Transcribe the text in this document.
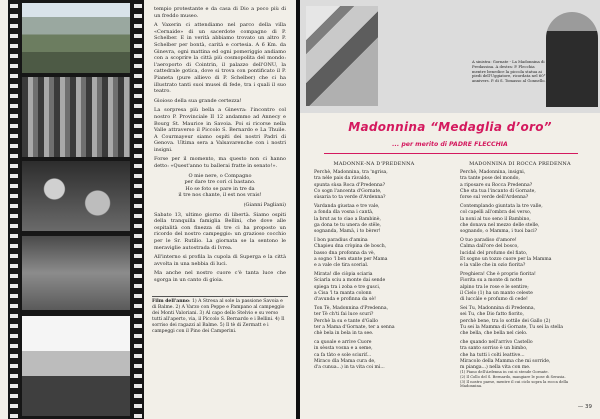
tempio protestante e da casa di Dio a poco più di un freddo museo.

A Vaxerin ci attendiamo nel parco della villa «Cernaide» di un sacerdote compagno di P. Schelber. E in verità abbiamo trovato un altro P. Schelber per bontà, carità e cortesia. A 6 Km. da Ginevra, ogni mattina ed ogni pomeriggio andiamo con a scoprire la città più cosmopolita del mondo: l'aeroporto di Cointrin, il palazzo dell'ONU, la cattedrale gotica, dove si trova con pontificato il P. Pianeta (pure allievo di P. Schelber) che ci ha illustrato tanti suoi musei di fede, tra i quali il suo teatro.

Gioioso della sua grande certezza!

La sorpresa più bella a Ginevra: l'incontro col nostro P. Provinciale II 12 andammo ad Annecy e Bourg St. Maurice in Savoia. Poi si ricorse nella Valle attraverso il Piccolo S. Bernardo e La Thuile. A Courmayeur siamo ospiti dei nostri Padri di Genova. Ultima sera a Valsavarenche con i nostri insigni.

Forse per il momento, ma questo non ci hanno detto: «Quest'anno tu ballerai fratte in senato!».

O mie nere, o Compagno
per dare tre cori ci bastano.
Ho se foto se pare in tre da
il tre nos chante, il est nos vrais!

(Gianni Pagliani)

Sabato 13, ultimo giorno di libertà. Siamo ospiti della tranquilla famiglia Bellini, che dove alle ospitalità con finezza di tre ci ha proposto un ricordo del nostro campeggio: un grazioso cocchio per le Sr. Rutilio. La giornata se la sentono le meraviglie autostrada di Ivrea.

All'interno si profila la cupola di Superga e la città avvolta in una nebbia di luci.

Ma anche nel nostro cuore c'è tanta luce che sgorga in un canto di gioia.

Film dell'anno: 1) A Stresa al sole la passione Savoia e di Balme. 2) A Varzo con Peppe e Pampano al campeggio dei Monti Valoriani. 3) Al capo dello Stelvio e su verso tutti all'aperto, via, il Piccolo S. Bernardo e i Bellini. 4) Il sorriso dei ragazzi al Balme. 5) Il tè di Zermatt e i campeggi con il Pino dei Camperini.
A sinistra: Gornate - La Madonnina di Predassina. A destra: P. Flecchia mentre benedice la piccola statua ai piedi dell'Uggiatore, ricordata nel 60° annivers. P. di S. Tomasso al Gonnello.
Madonnina “Medaglia d’oro”
... per merito di PADRE FLECCHIA
MADONNE-NA D'PREDENNA

Perchè, Madonnina, tra 'ngrisa,
tra nèle pais da ràvaldo,
spunta sùsa Roca d'Predenna?
Co sogn l'ancenta d'Gornate,
sùsaria to ta verde d'Ardenna?

Vardanda giustaa e tre vale,
a fonda dla vosna i cantà,
la brut as to ciao a Bambinè,
ga dona te tu unera de stêle,
sognanda, Mamà, i to bèrer!

I bon paradius d'amina
Chapieu dna cròpina de bosch,
basso dna profonna da vè,
a sogno 'l ben stante per Mama
e a vale cle tira scerial.

Mirata! dle ciòpia sciaria
Sciarla sciu a monte dai sende
spiega tra i zoba e tre gusci,
a Cisa 'l ta manta colonn
d'avunda e profinna da sè!

Ton Tè, Madonnina d'Predenna,
ter Tè ch'ti fai luce scuri?
Perchè la su e tante d'Gallo
ter a Mama d'Gornate, ter a senna
chè bela in bela in ta see.

ca quoale e arrive Cuore
in sèssta vosna e a seme,
ca fa tàto e sole sciurif...
Miraco dla Mama cura de,
d'a cunua...) in ta vita coi mì...

MADONNINA DI ROCCA PREDENNA

Perchè, Madonnina, insigni,
tra tante pose del mondo,
a riposare su Rocca Predenna?
Che sta tua l'incanto di Gornate,
forse sul verde dell'Ardenna?

Contemplando giuntata la tre valle,
col capelli all'ombra dei verso,
la noni al tuo seno il Bambino,
che donava nel mezzo delle stelle,
sognando, o Mamma, i tuoi baci?

O tuo paradiso d'amore!
Calma dall'ore del bosco,
lucidal del profumo del fiato,
Et sogno un tozzo cuore per la Mamma
e la valle che in ozio fiorita?

Preghiera! Che è proprio fiorita!
Fiorita su a monte di notte
alpino tra le rose e le sentire;
il Cielo (1) ha un manto celeste
di luccàle e profumo di cede!

Sei Tu, Madonnina di Predenna,
sei Tu, che Dio fatto fiorito,
perchè bene, tra lo sottile dei Gallo (2)
Tu sei la Mamma di Gornate, Tu sei la stella
che bella, che bella nel cielo.

che quando nell'arrivo Castello
tra santo sorriso è un bimbo,
che ha tutti i colti leattive...
Miracolo della Mamma che mi sorride,
m pianga...) nella vita con me.

(1) Piano dell'Ardenna in cui si stende Gornate.
(2) Il Collo del S. Bernardo, mangiare le pose di Serasia.
(3) Il nostro paese, mentre il cui ciclo sopra la rocca della Madonnina.
— 39
